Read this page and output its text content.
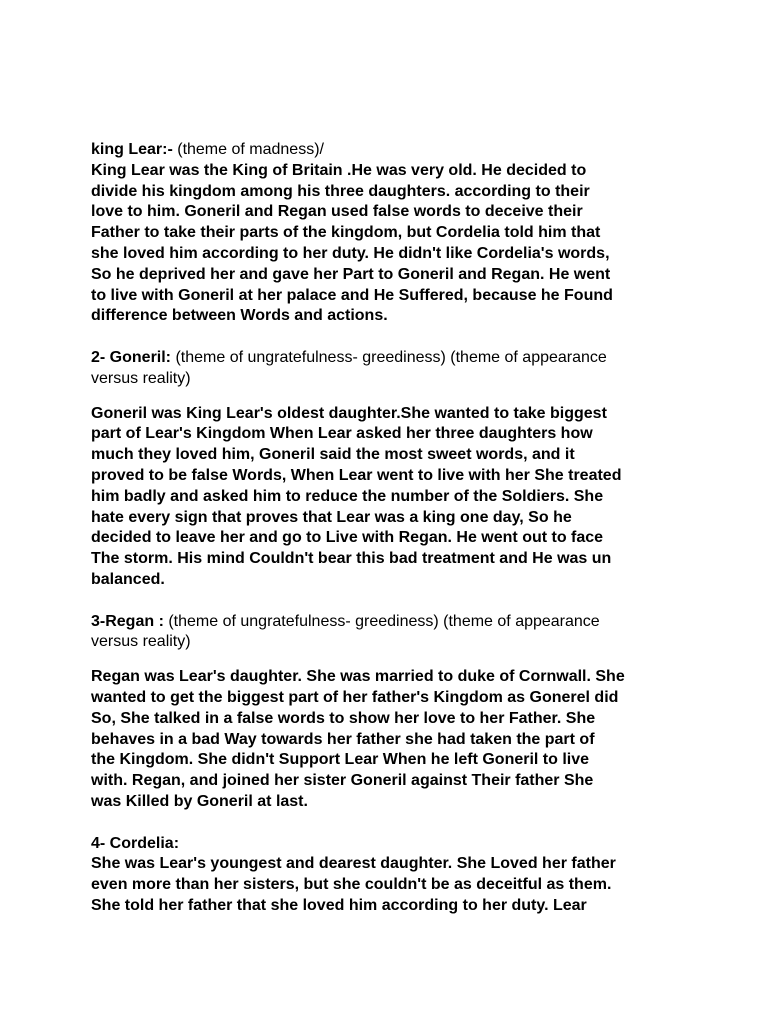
king Lear:- (theme of madness)/
King Lear was the King of Britain .He was very old. He decided to
divide his kingdom among his three daughters. according to their
love to him. Goneril and Regan used false words to deceive their
Father to take their parts of the kingdom, but Cordelia told him that
she loved him according to her duty. He didn't like Cordelia's words,
So he deprived her and gave her Part to Goneril and Regan. He went
to live with Goneril at her palace and He Suffered, because he Found
difference between Words and actions.
2- Goneril: (theme of ungratefulness- greediness) (theme of appearance
versus reality)
Goneril was King Lear's oldest daughter.She wanted to take biggest
part of Lear's Kingdom When Lear asked her three daughters how
much they loved him, Goneril said the most sweet words, and it
proved to be false Words, When Lear went to live with her She treated
him badly and asked him to reduce the number of the Soldiers. She
hate every sign that proves that Lear was a king one day, So he
decided to leave her and go to Live with Regan. He went out to face
The storm. His mind Couldn't bear this bad treatment and He was un
balanced.
3-Regan : (theme of ungratefulness- greediness) (theme of appearance
versus reality)
Regan was Lear's daughter. She was married to duke of Cornwall. She
wanted to get the biggest part of her father's Kingdom as Gonerel did
So, She talked in a false words to show her love to her Father. She
behaves in a bad Way towards her father she had taken the part of
the Kingdom. She didn't Support Lear When he left Goneril to live
with. Regan, and joined her sister Goneril against Their father She
was Killed by Goneril at last.
4- Cordelia:
She was Lear's youngest and dearest daughter. She Loved her father
even more than her sisters, but she couldn't be as deceitful as them.
She told her father that she loved him according to her duty. Lear
